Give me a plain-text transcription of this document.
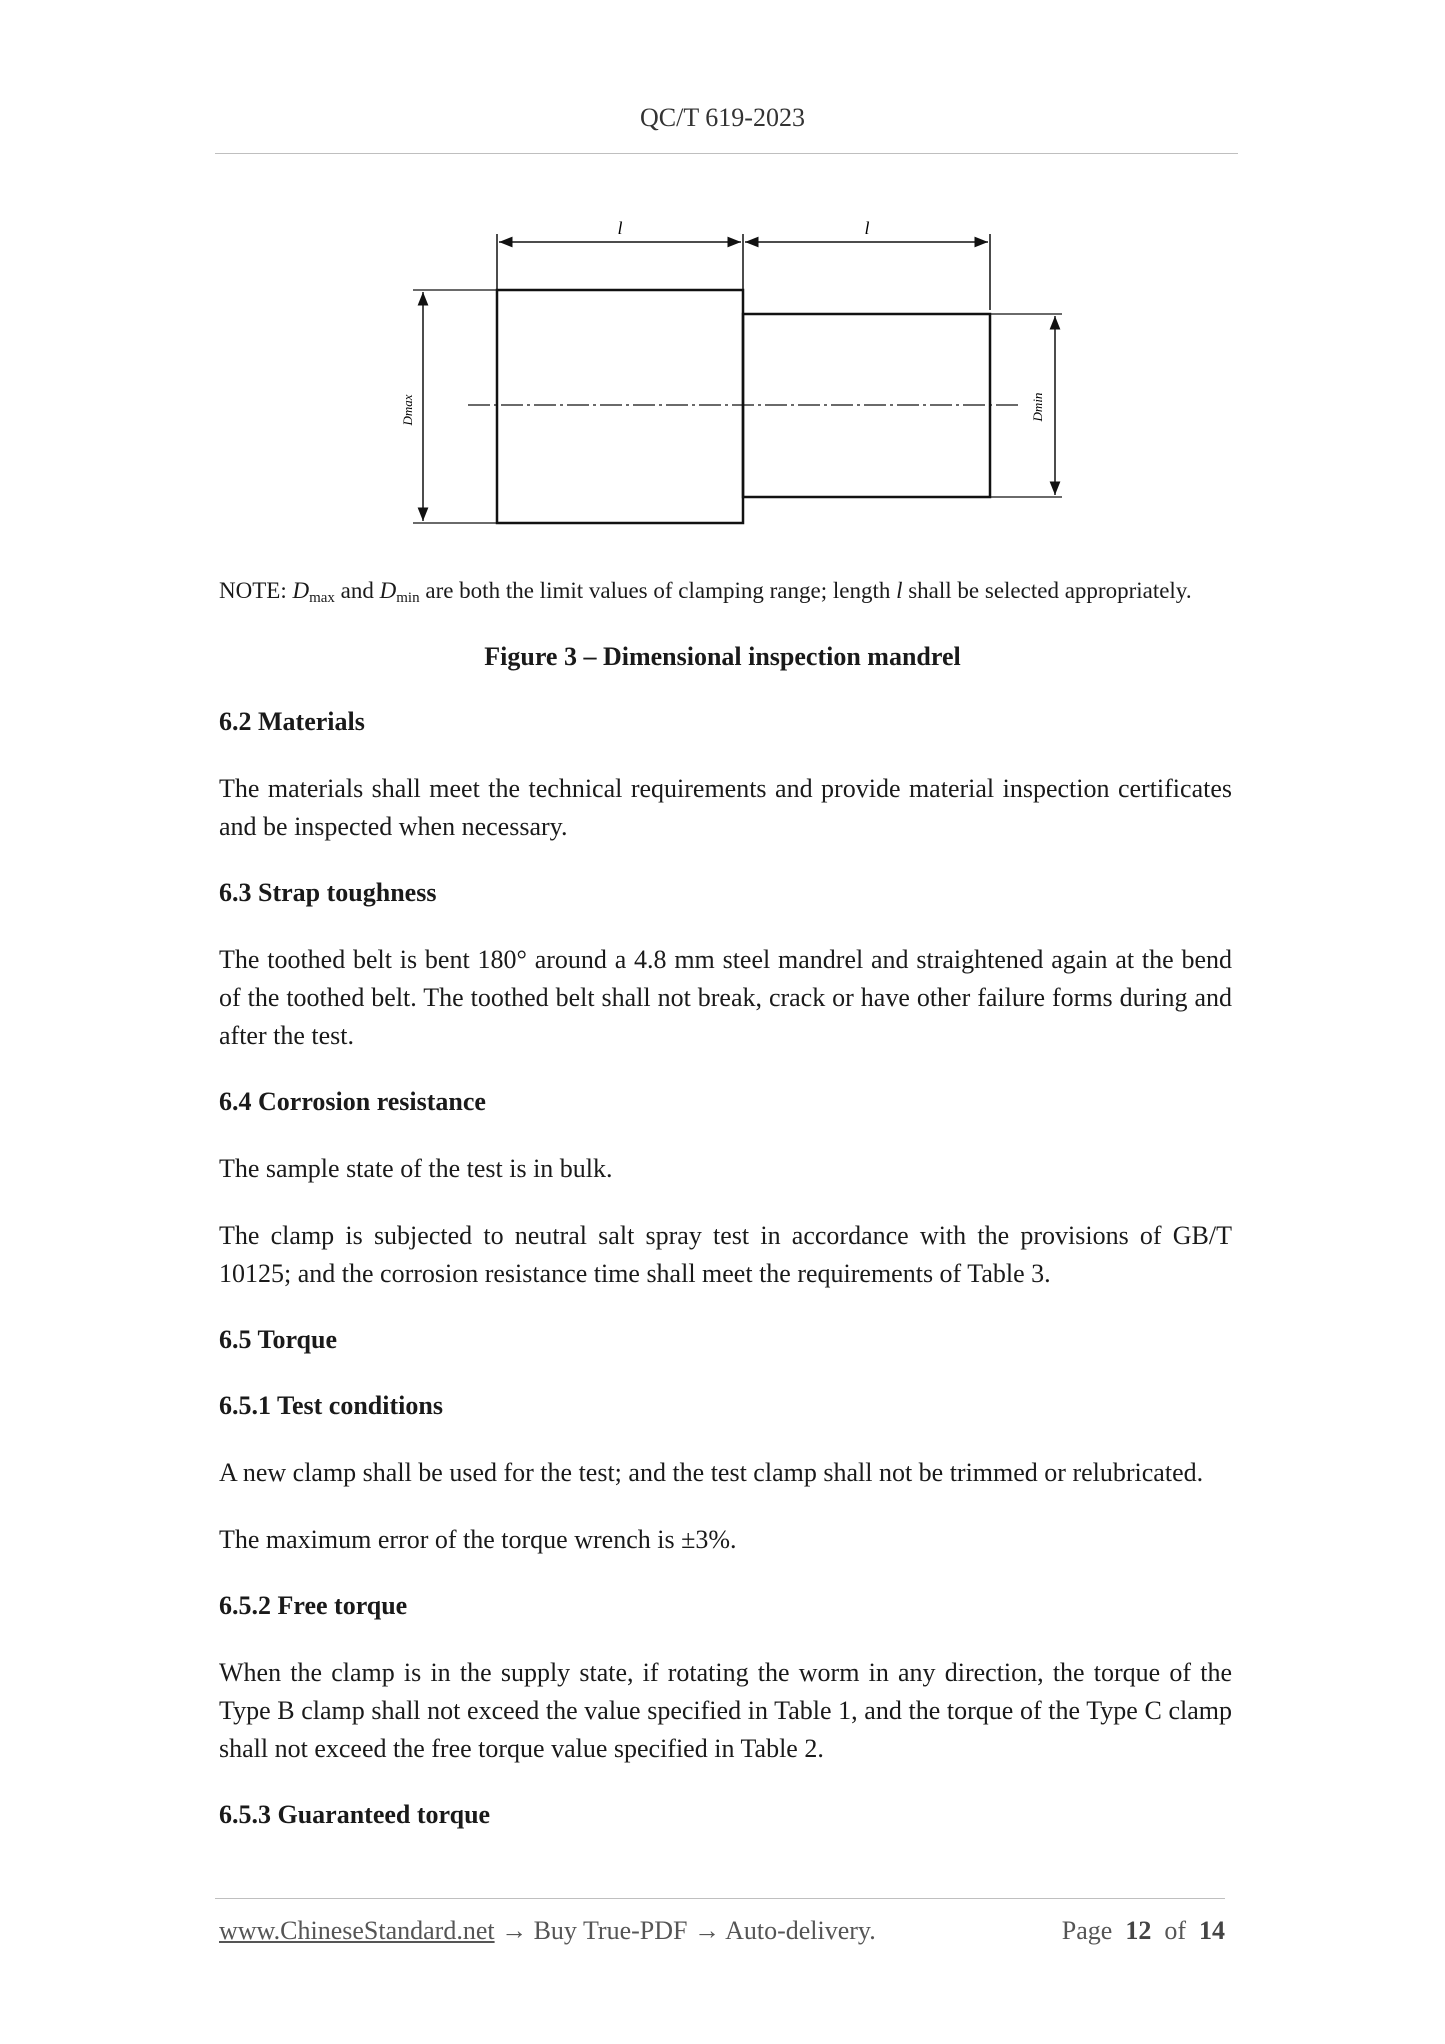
QC/T 619-2023
l	l
Dmax	Dmin
NOTE: $D_{max}$ and $D_{min}$ are both the limit values of clamping range; length l shall be selected appropriately.
Figure 3 – Dimensional inspection mandrel
6.2 Materials

The materials shall meet the technical requirements and provide material inspection certificates and be inspected when necessary.

6.3 Strap toughness

The toothed belt is bent 180° around a 4.8 mm steel mandrel and straightened again at the bend of the toothed belt. The toothed belt shall not break, crack or have other failure forms during and after the test.

6.4 Corrosion resistance

The sample state of the test is in bulk.

The clamp is subjected to neutral salt spray test in accordance with the provisions of GB/T 10125; and the corrosion resistance time shall meet the requirements of Table 3.

6.5 Torque
6.5.1 Test conditions

A new clamp shall be used for the test; and the test clamp shall not be trimmed or relubricated.

The maximum error of the torque wrench is ±3%.

6.5.2 Free torque

When the clamp is in the supply state, if rotating the worm in any direction, the torque of the Type B clamp shall not exceed the value specified in Table 1, and the torque of the Type C clamp shall not exceed the free torque value specified in Table 2.

6.5.3 Guaranteed torque
www.ChineseStandard.net → Buy True-PDF → Auto-delivery.	Page 12 of 14
